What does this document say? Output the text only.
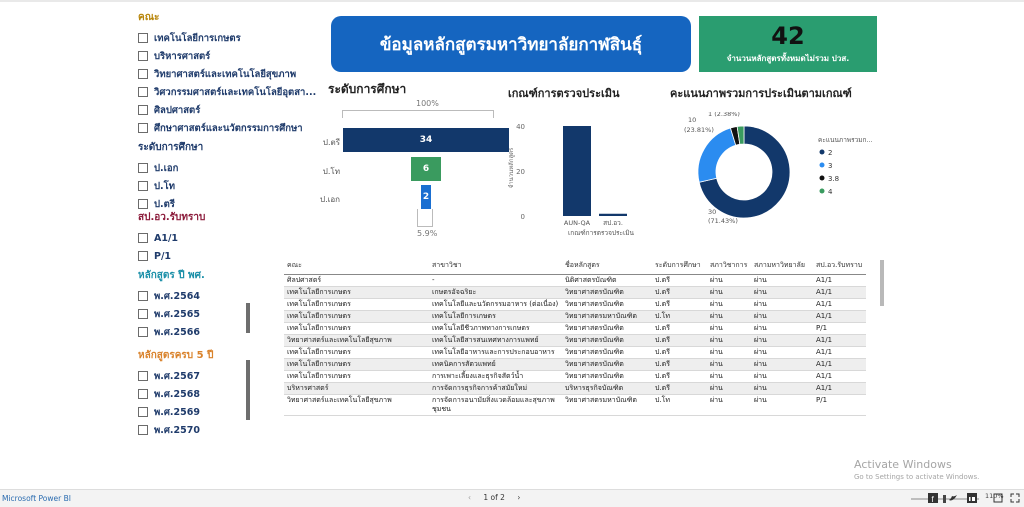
คณะ
เทคโนโลยีการเกษตร
บริหารศาสตร์
วิทยาศาสตร์และเทคโนโลยีสุขภาพ
วิศวกรรมศาสตร์และเทคโนโลยีอุตสา...
ศิลปศาสตร์
ศึกษาศาสตร์และนวัตกรรมการศึกษา
ระดับการศึกษา
ป.เอก
ป.โท
ป.ตรี
สป.อว.รับทราบ
A1/1
P/1
หลักสูตร ปี พศ.
พ.ศ.2564
พ.ศ.2565
พ.ศ.2566
หลักสูตรครบ 5 ปี
พ.ศ.2567
พ.ศ.2568
พ.ศ.2569
พ.ศ.2570
ข้อมูลหลักสูตรมหาวิทยาลัยกาฬสินธุ์	42
จำนวนหลักสูตรทั้งหมดไม่รวม ปวส.
ระดับการศึกษา
100%
34
ป.ตรี
6
ป.โท
2
ป.เอก
5.9%
เกณฑ์การตรวจประเมิน
0
20
40
จำนวนหลักสูตร
AUN-QA สป.อว.
เกณฑ์การตรวจประเมิน
คะแนนภาพรวมการประเมินตามเกณฑ์
30
(71.43%)
10
(23.81%)
1 (2.38%)
คะแนนภาพรวมก...
2
3
3.8
4
คณะ	สาขาวิชา	ชื่อหลักสูตร	ระดับการศึกษา	สภาวิชาการ	สภามหาวิทยาลัย	สป.อว.รับทราบ
ศิลปศาสตร์	-	นิติศาสตรบัณฑิต	ป.ตรี	ผ่าน	ผ่าน	A1/1
เทคโนโลยีการเกษตร	เกษตรอัจฉริยะ	วิทยาศาสตรบัณฑิต	ป.ตรี	ผ่าน	ผ่าน	A1/1
เทคโนโลยีการเกษตร	เทคโนโลยีและนวัตกรรมอาหาร (ต่อเนื่อง)	วิทยาศาสตรบัณฑิต	ป.ตรี	ผ่าน	ผ่าน	A1/1
เทคโนโลยีการเกษตร	เทคโนโลยีการเกษตร	วิทยาศาสตรมหาบัณฑิต	ป.โท	ผ่าน	ผ่าน	A1/1
เทคโนโลยีการเกษตร	เทคโนโลยีชีวภาพทางการเกษตร	วิทยาศาสตรบัณฑิต	ป.ตรี	ผ่าน	ผ่าน	P/1
วิทยาศาสตร์และเทคโนโลยีสุขภาพ	เทคโนโลยีสารสนเทศทางการแพทย์	วิทยาศาสตรบัณฑิต	ป.ตรี	ผ่าน	ผ่าน	A1/1
เทคโนโลยีการเกษตร	เทคโนโลยีอาหารและการประกอบอาหาร	วิทยาศาสตรบัณฑิต	ป.ตรี	ผ่าน	ผ่าน	A1/1
เทคโนโลยีการเกษตร	เทคนิคการสัตวแพทย์	วิทยาศาสตรบัณฑิต	ป.ตรี	ผ่าน	ผ่าน	A1/1
เทคโนโลยีการเกษตร	การเพาะเลี้ยงและธุรกิจสัตว์น้ำ	วิทยาศาสตรบัณฑิต	ป.ตรี	ผ่าน	ผ่าน	A1/1
บริหารศาสตร์	การจัดการธุรกิจการค้าสมัยใหม่	บริหารธุรกิจบัณฑิต	ป.ตรี	ผ่าน	ผ่าน	A1/1
วิทยาศาสตร์และเทคโนโลยีสุขภาพ	การจัดการอนามัยสิ่งแวดล้อมและสุขภาพชุมชน	วิทยาศาสตรมหาบัณฑิต	ป.โท	ผ่าน	ผ่าน	P/1
Activate Windows
Go to Settings to activate Windows.
Microsoft Power BI	‹ 1 of 2 ›	110%
f
